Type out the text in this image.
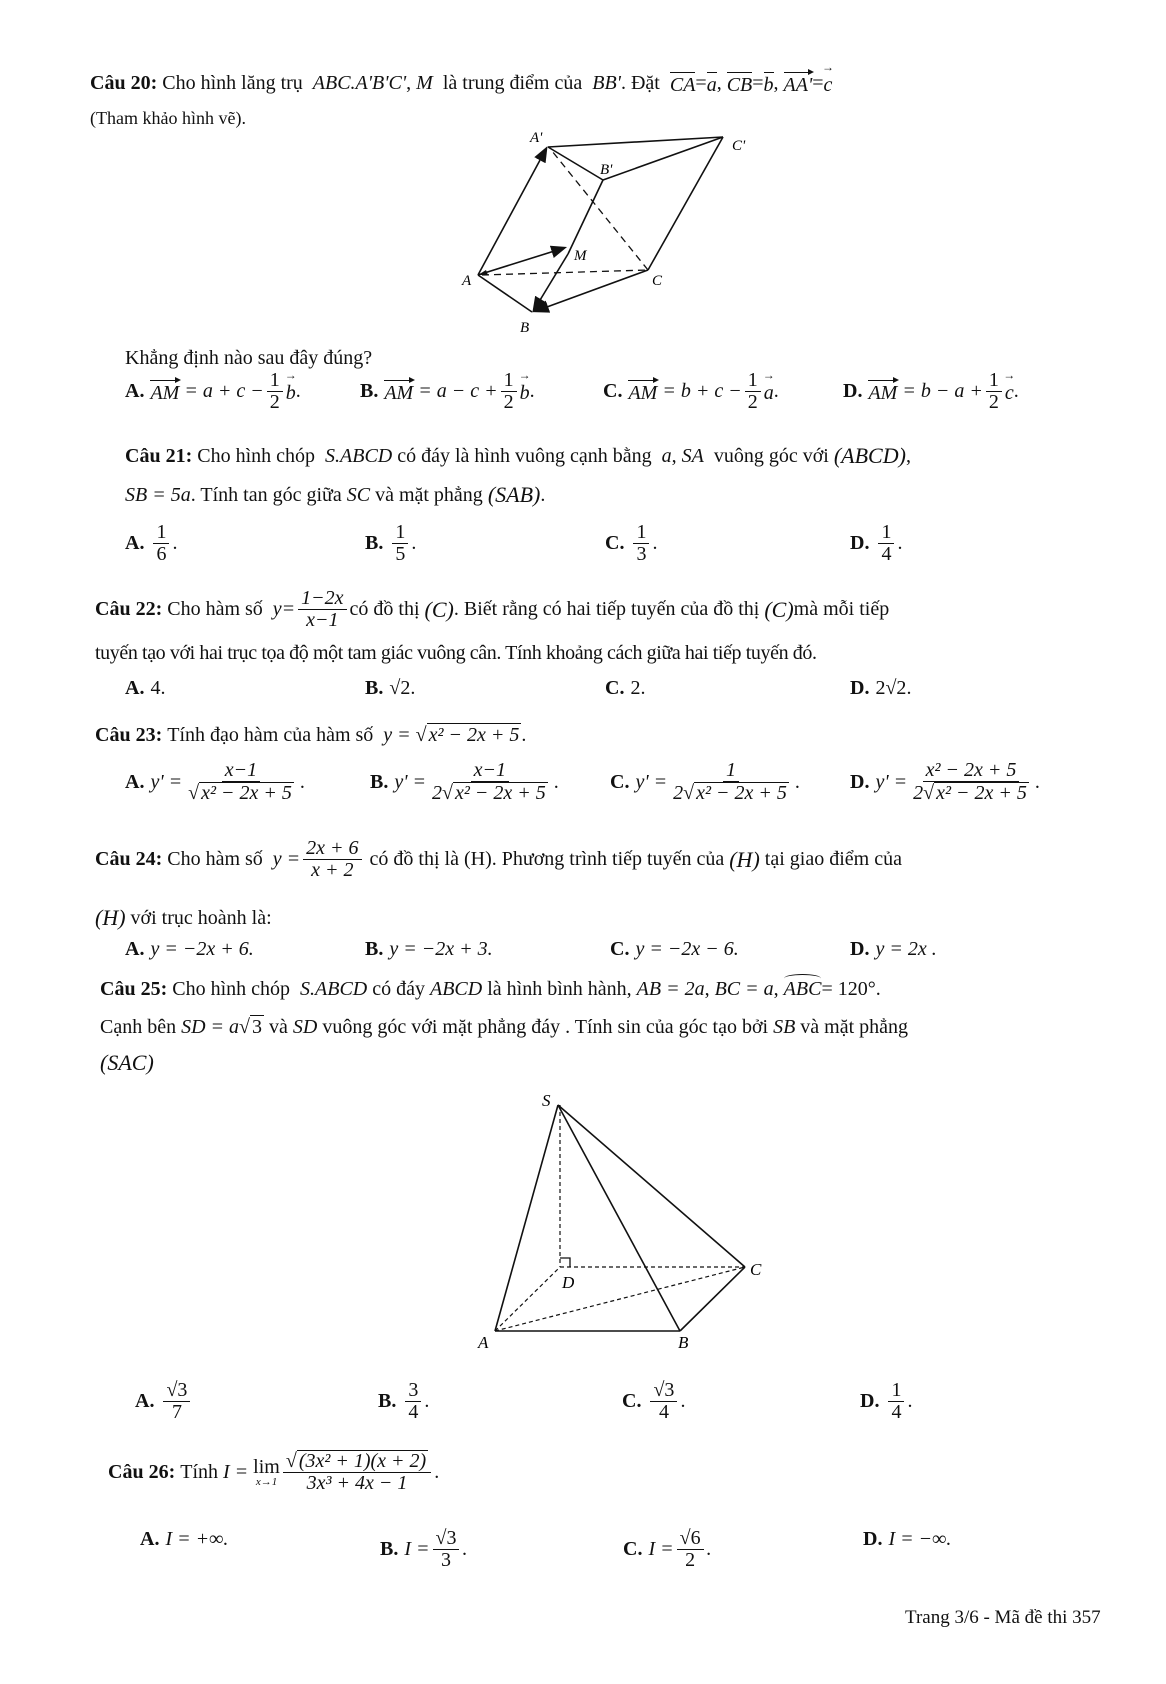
Câu 20:
Cho hình lăng trụ
ABC.A'B'C' ,
M
là trung điểm của
BB' . Đặt
CA = a ,
CB = b ,
AA' = c →
(Tham khảo hình vẽ).
A'	C'
B'
M
A	C
B
Khẳng định nào sau đây đúng?
A. AM
= $a + c - \frac{1}{2}$ b → .	B. AM
= $a - c + \frac{1}{2}$ b → .	C. AM
= $b + c - \frac{1}{2}$ a → .	D. AM
= $b - a + \frac{1}{2}$ c → .
Câu 21:
Cho hình chóp
S.ABCD
có đáy là hình vuông cạnh bằng
a ,
SA
vuông góc với
(ABCD) ,
SB = 5a . Tính tan góc giữa
SC
và mặt phẳng
(SAB) .
A. $\frac{1}{6}$ .	B. $\frac{1}{5}$ .	C. $\frac{1}{3}$ .	D. $\frac{1}{4}$ .
Câu 22:
Cho hàm số
$y= \frac{1-2x}{x-1}$ có đồ thị
(C) . Biết rằng có hai tiếp tuyến của đồ thị
(C) mà mỗi tiếp
tuyến tạo với hai trục tọa độ một tam giác vuông cân. Tính khoảng cách giữa hai tiếp tuyến đó.
A. 4 .	B. √2 .	C. 2 .	D. 2√2 .
Câu 23:
Tính đạo hàm của hàm số
y =
√ x² − 2x + 5 .
A. $y' = \frac{x-1}{\text{√ x² − 2x + 5}}$ .	B. $y' = \frac{x-1}{\text{2 √ x² − 2x + 5}}$ .	C. $y' = \frac{1}{\text{2 √ x² − 2x + 5}}$ .	D. $y' = \frac{\text{x² − 2x + 5}}{\text{2 √ x² − 2x + 5}}$ .
Câu 24:
Cho hàm số
$y = \frac{2x + 6}{x + 2}$
có đồ thị là (H). Phương trình tiếp tuyến của
(H)
tại giao điểm của
(H)
với trục hoành là:
A. y = −2x + 6.	B. y = −2x + 3.	C. y = −2x − 6.	D. y = 2x .
Câu 25:
Cho hình chóp
S.ABCD
có đáy
ABCD
là hình bình hành,
AB = 2a ,
BC = a ,
ABC = 120° .
Cạnh bên
SD = a √ 3
và
SD
vuông góc với mặt phẳng đáy . Tính sin của góc tạo bởi
SB
và mặt phẳng
(SAC)
S
D
C
A	B
A. $\frac{√3}{7}$	B. $\frac{3}{4}$ .	C. $\frac{√3}{4}$ .	D. $\frac{1}{4}$ .
Câu 26:
Tính
I =
lim
$x\to 1 \frac{\text{√ (3x² + 1)(x + 2)}}{\text{3x³ + 4x − 1}}$ .
A. I = +∞ .	B. $I = \frac{√3}{3}$ .	C. $I = \frac{√6}{2}$ .	D. I = −∞ .
Trang 3/6 - Mã đề thi 357
